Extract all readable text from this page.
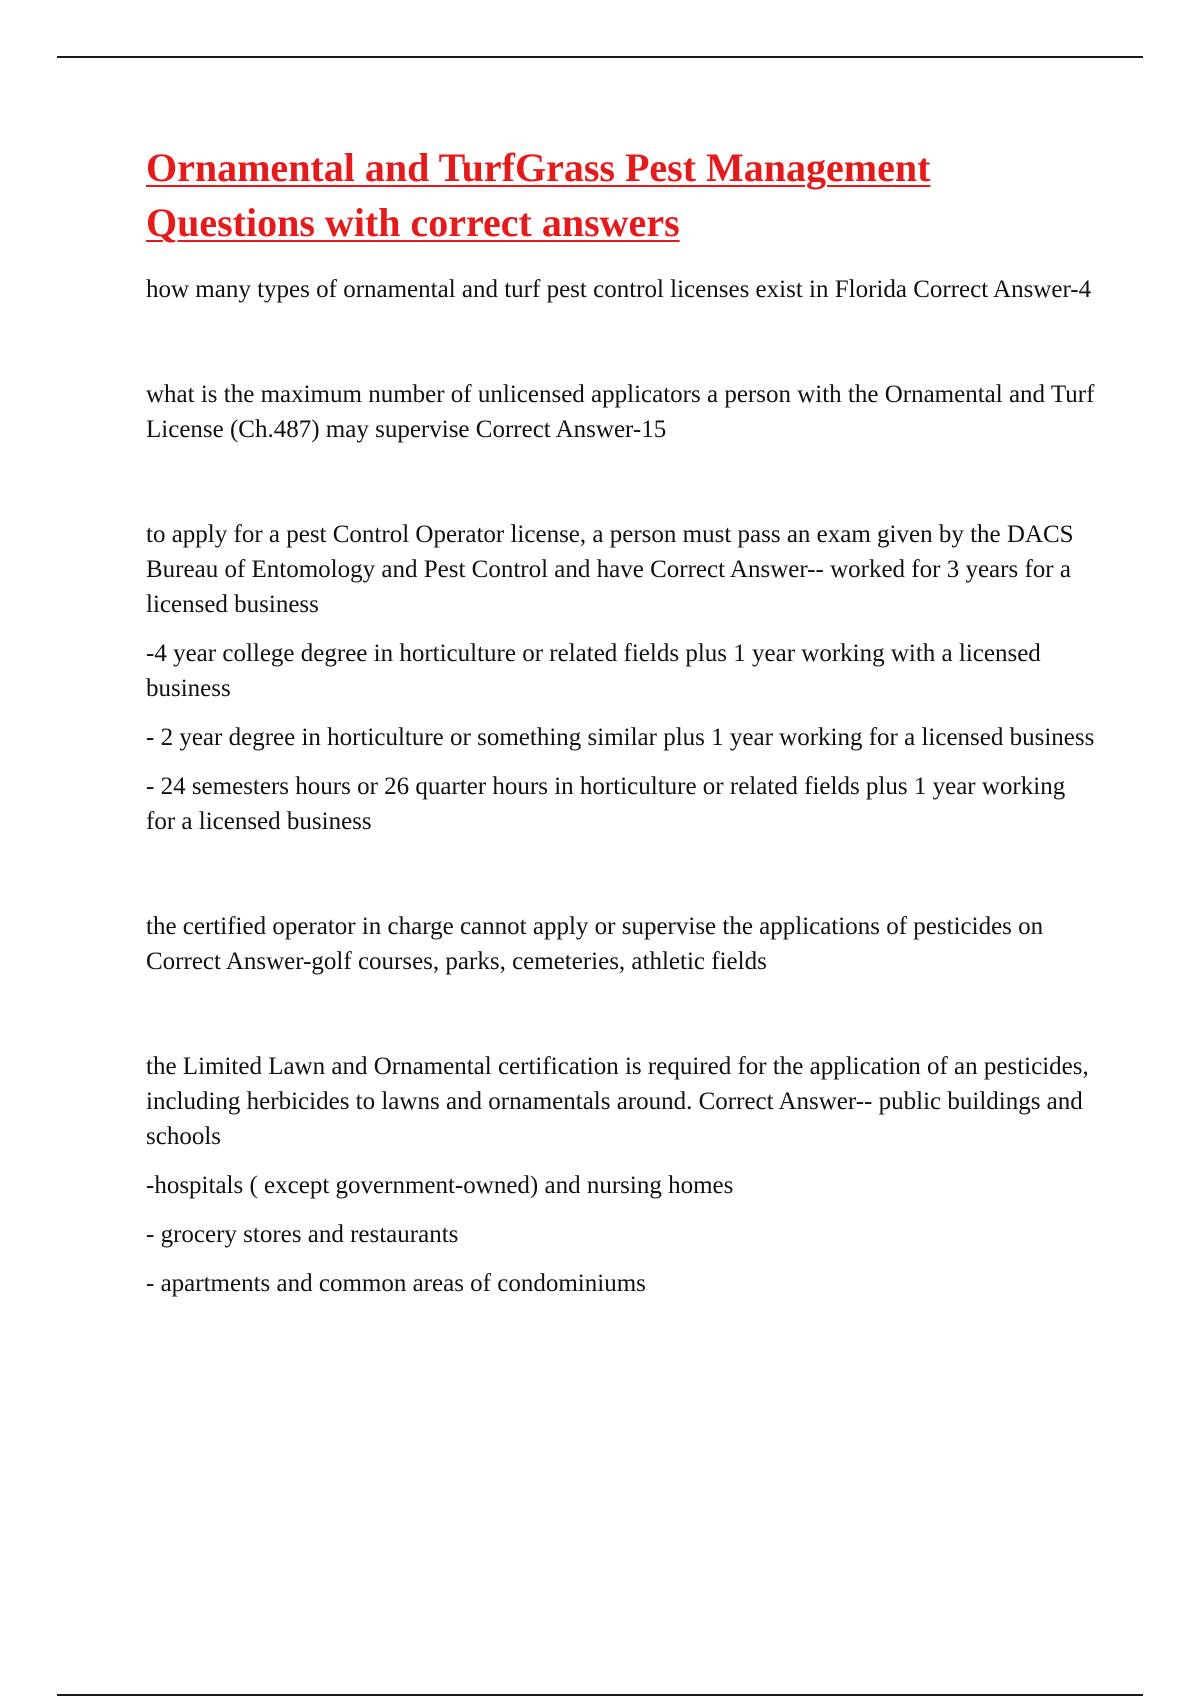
Ornamental and TurfGrass Pest Management
Questions with correct answers

how many types of ornamental and turf pest control licenses exist in Florida Correct Answer-4

what is the maximum number of unlicensed applicators a person with the Ornamental and Turf License (Ch.487) may supervise Correct Answer-15

to apply for a pest Control Operator license, a person must pass an exam given by the DACS Bureau of Entomology and Pest Control and have Correct Answer-- worked for 3 years for a licensed business

-4 year college degree in horticulture or related fields plus 1 year working with a licensed business

- 2 year degree in horticulture or something similar plus 1 year working for a licensed business

- 24 semesters hours or 26 quarter hours in horticulture or related fields plus 1 year working for a licensed business

the certified operator in charge cannot apply or supervise the applications of pesticides on Correct Answer-golf courses, parks, cemeteries, athletic fields

the Limited Lawn and Ornamental certification is required for the application of an pesticides, including herbicides to lawns and ornamentals around. Correct Answer-- public buildings and schools

-hospitals ( except government-owned) and nursing homes

- grocery stores and restaurants

- apartments and common areas of condominiums
